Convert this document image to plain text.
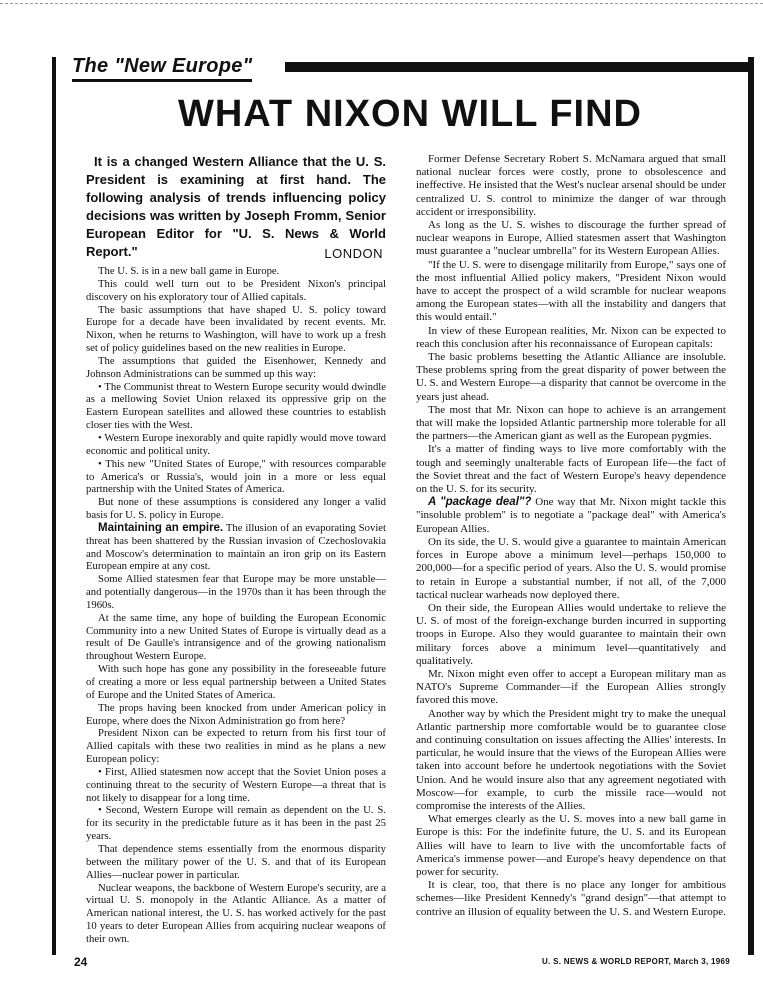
The "New Europe"
WHAT NIXON WILL FIND

It is a changed Western Alliance that the U. S. President is examining at first hand. The following analysis of trends influencing policy decisions was written by Joseph Fromm, Senior European Editor for "U. S. News & World Report."	LONDON

The U. S. is in a new ball game in Europe.

This could well turn out to be President Nixon's principal discovery on his exploratory tour of Allied capitals.

The basic assumptions that have shaped U. S. policy toward Europe for a decade have been invalidated by recent events. Mr. Nixon, when he returns to Washington, will have to work up a fresh set of policy guidelines based on the new realities in Europe.

The assumptions that guided the Eisenhower, Kennedy and Johnson Administrations can be summed up this way:

• The Communist threat to Western Europe security would dwindle as a mellowing Soviet Union relaxed its oppressive grip on the Eastern European satellites and allowed these countries to establish closer ties with the West.

• Western Europe inexorably and quite rapidly would move toward economic and political unity.

• This new "United States of Europe," with resources comparable to America's or Russia's, would join in a more or less equal partnership with the United States of America.

But none of these assumptions is considered any longer a valid basis for U. S. policy in Europe.

Maintaining an empire. The illusion of an evaporating Soviet threat has been shattered by the Russian invasion of Czechoslovakia and Moscow's determination to maintain an iron grip on its Eastern European empire at any cost.

Some Allied statesmen fear that Europe may be more unstable—and potentially dangerous—in the 1970s than it has been through the 1960s.

At the same time, any hope of building the European Economic Community into a new United States of Europe is virtually dead as a result of De Gaulle's intransigence and of the growing nationalism throughout Western Europe.

With such hope has gone any possibility in the foreseeable future of creating a more or less equal partnership between a United States of Europe and the United States of America.

The props having been knocked from under American policy in Europe, where does the Nixon Administration go from here?

President Nixon can be expected to return from his first tour of Allied capitals with these two realities in mind as he plans a new European policy:

• First, Allied statesmen now accept that the Soviet Union poses a continuing threat to the security of Western Europe—a threat that is not likely to disappear for a long time.

• Second, Western Europe will remain as dependent on the U. S. for its security in the predictable future as it has been in the past 25 years.

That dependence stems essentially from the enormous disparity between the military power of the U. S. and that of its European Allies—nuclear power in particular.

Nuclear weapons, the backbone of Western Europe's security, are a virtual U. S. monopoly in the Atlantic Alliance. As a matter of American national interest, the U. S. has worked actively for the past 10 years to deter European Allies from acquiring nuclear weapons of their own.

Former Defense Secretary Robert S. McNamara argued that small national nuclear forces were costly, prone to obsolescence and ineffective. He insisted that the West's nuclear arsenal should be under centralized U. S. control to minimize the danger of war through accident or irresponsibility.

As long as the U. S. wishes to discourage the further spread of nuclear weapons in Europe, Allied statesmen assert that Washington must guarantee a "nuclear umbrella" for its Western European Allies.

"If the U. S. were to disengage militarily from Europe," says one of the most influential Allied policy makers, "President Nixon would have to accept the prospect of a wild scramble for nuclear weapons among the European states—with all the instability and dangers that this would entail."

In view of these European realities, Mr. Nixon can be expected to reach this conclusion after his reconnaissance of European capitals:

The basic problems besetting the Atlantic Alliance are insoluble. These problems spring from the great disparity of power between the U. S. and Western Europe—a disparity that cannot be overcome in the years just ahead.

The most that Mr. Nixon can hope to achieve is an arrangement that will make the lopsided Atlantic partnership more tolerable for all the partners—the American giant as well as the European pygmies.

It's a matter of finding ways to live more comfortably with the tough and seemingly unalterable facts of European life—the fact of the Soviet threat and the fact of Western Europe's heavy dependence on the U. S. for its security.

A "package deal"? One way that Mr. Nixon might tackle this "insoluble problem" is to negotiate a "package deal" with America's European Allies.

On its side, the U. S. would give a guarantee to maintain American forces in Europe above a minimum level—perhaps 150,000 to 200,000—for a specific period of years. Also the U. S. would promise to retain in Europe a substantial number, if not all, of the 7,000 tactical nuclear warheads now deployed there.

On their side, the European Allies would undertake to relieve the U. S. of most of the foreign-exchange burden incurred in supporting troops in Europe. Also they would guarantee to maintain their own military forces above a minimum level—quantitatively and qualitatively.

Mr. Nixon might even offer to accept a European military man as NATO's Supreme Commander—if the European Allies strongly favored this move.

Another way by which the President might try to make the unequal Atlantic partnership more comfortable would be to guarantee close and continuing consultation on issues affecting the Allies' interests. In particular, he would insure that the views of the European Allies were taken into account before he undertook negotiations with the Soviet Union. And he would insure also that any agreement negotiated with Moscow—for example, to curb the missile race—would not compromise the interests of the Allies.

What emerges clearly as the U. S. moves into a new ball game in Europe is this: For the indefinite future, the U. S. and its European Allies will have to learn to live with the uncomfortable facts of America's immense power—and Europe's heavy dependence on that power for security.

It is clear, too, that there is no place any longer for ambitious schemes—like President Kennedy's "grand design"—that attempt to contrive an illusion of equality between the U. S. and Western Europe.

24	U. S. NEWS & WORLD REPORT, March 3, 1969
